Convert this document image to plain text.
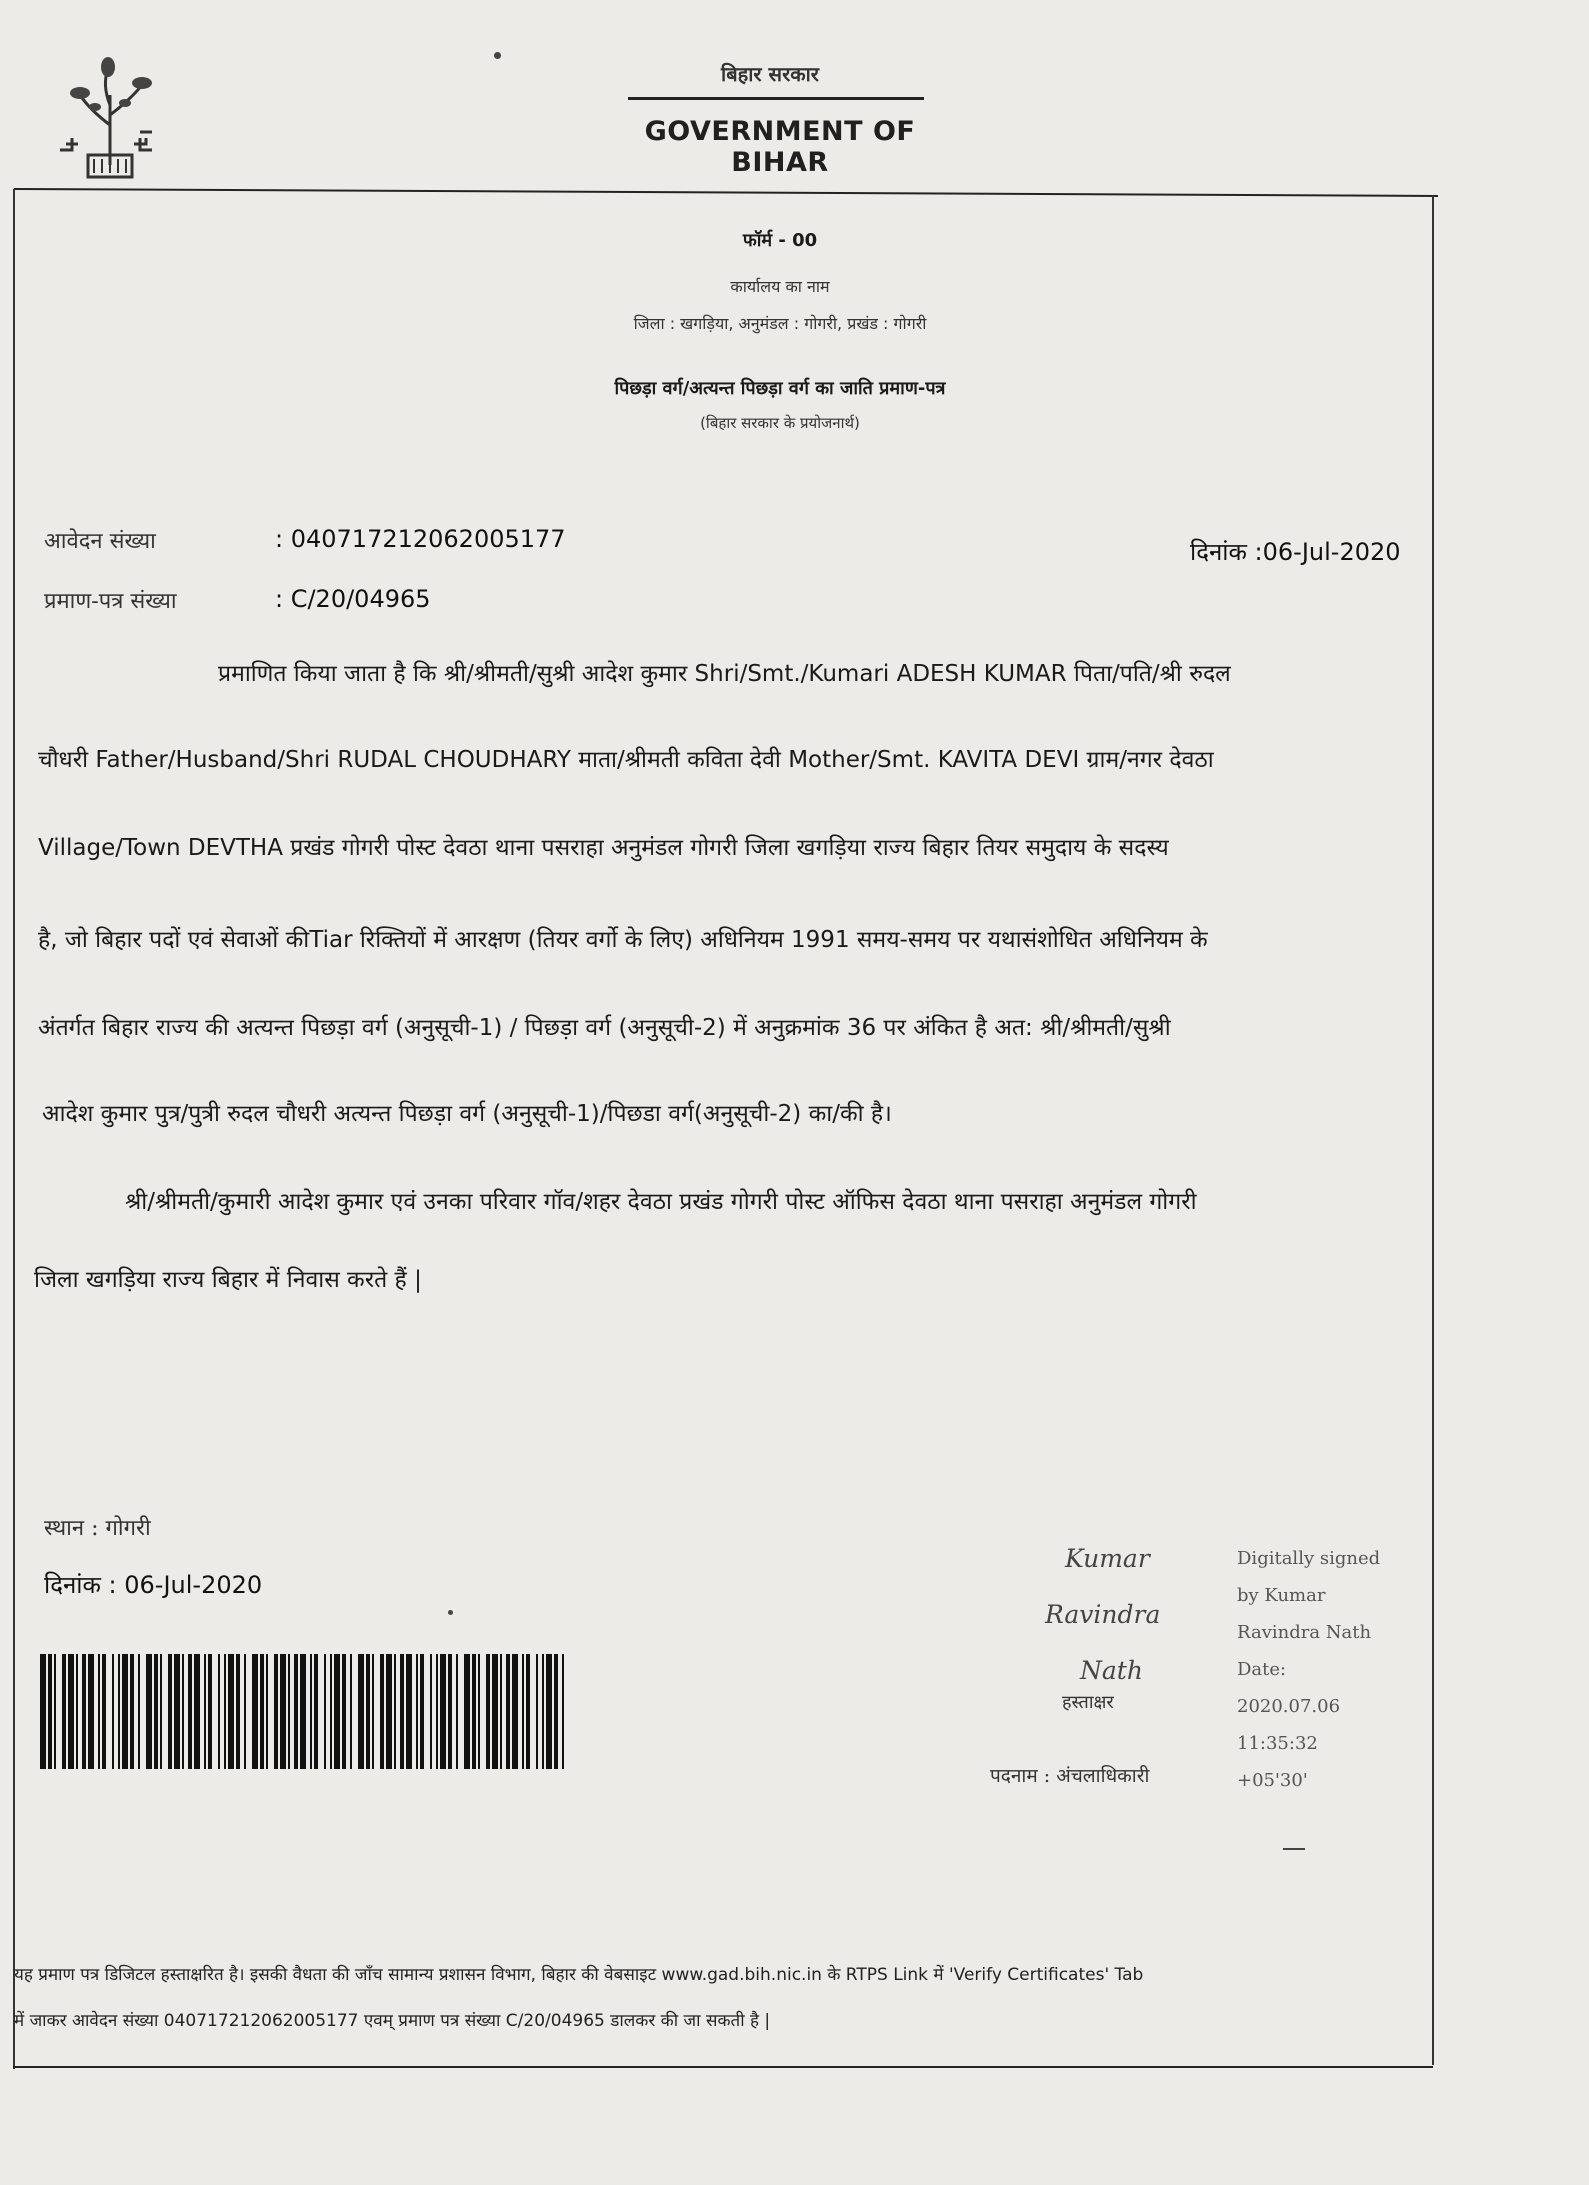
बिहार सरकार
GOVERNMENT OF BIHAR
फॉर्म - 00
कार्यालय का नाम
जिला : खगड़िया, अनुमंडल : गोगरी, प्रखंड : गोगरी
पिछड़ा वर्ग/अत्यन्त पिछड़ा वर्ग का जाति प्रमाण-पत्र
(बिहार सरकार के प्रयोजनार्थ)
आवेदन संख्या	: 040717212062005177
प्रमाण-पत्र संख्या	: C/20/04965
दिनांक :06-Jul-2020
प्रमाणित किया जाता है कि श्री/श्रीमती/सुश्री आदेश कुमार Shri/Smt./Kumari ADESH KUMAR पिता/पति/श्री रुदल
चौधरी Father/Husband/Shri RUDAL CHOUDHARY माता/श्रीमती कविता देवी Mother/Smt. KAVITA DEVI ग्राम/नगर देवठा
Village/Town DEVTHA प्रखंड गोगरी पोस्ट देवठा थाना पसराहा अनुमंडल गोगरी जिला खगड़िया राज्य बिहार तियर समुदाय के सदस्य
है, जो बिहार पदों एवं सेवाओं कीTiar रिक्तियों में आरक्षण (तियर वर्गो के लिए) अधिनियम 1991 समय-समय पर यथासंशोधित अधिनियम के
अंतर्गत बिहार राज्य की अत्यन्त पिछड़ा वर्ग (अनुसूची-1) / पिछड़ा वर्ग (अनुसूची-2) में अनुक्रमांक 36 पर अंकित है अत: श्री/श्रीमती/सुश्री
आदेश कुमार पुत्र/पुत्री रुदल चौधरी अत्यन्त पिछड़ा वर्ग (अनुसूची-1)/पिछडा वर्ग(अनुसूची-2) का/की है।
श्री/श्रीमती/कुमारी आदेश कुमार एवं उनका परिवार गॉव/शहर देवठा प्रखंड गोगरी पोस्ट ऑफिस देवठा थाना पसराहा अनुमंडल गोगरी
जिला खगड़िया राज्य बिहार में निवास करते हैं |
स्थान : गोगरी
दिनांक : 06-Jul-2020
Kumar
Ravindra
Nath
हस्ताक्षर
पदनाम : अंचलाधिकारी
Digitally signed
by Kumar
Ravindra Nath
Date:
2020.07.06
11:35:32
+05'30'
यह प्रमाण पत्र डिजिटल हस्ताक्षरित है। इसकी वैधता की जाँच सामान्य प्रशासन विभाग, बिहार की वेबसाइट www.gad.bih.nic.in के RTPS Link में 'Verify Certificates' Tab
में जाकर आवेदन संख्या 040717212062005177 एवम् प्रमाण पत्र संख्या C/20/04965 डालकर की जा सकती है |
